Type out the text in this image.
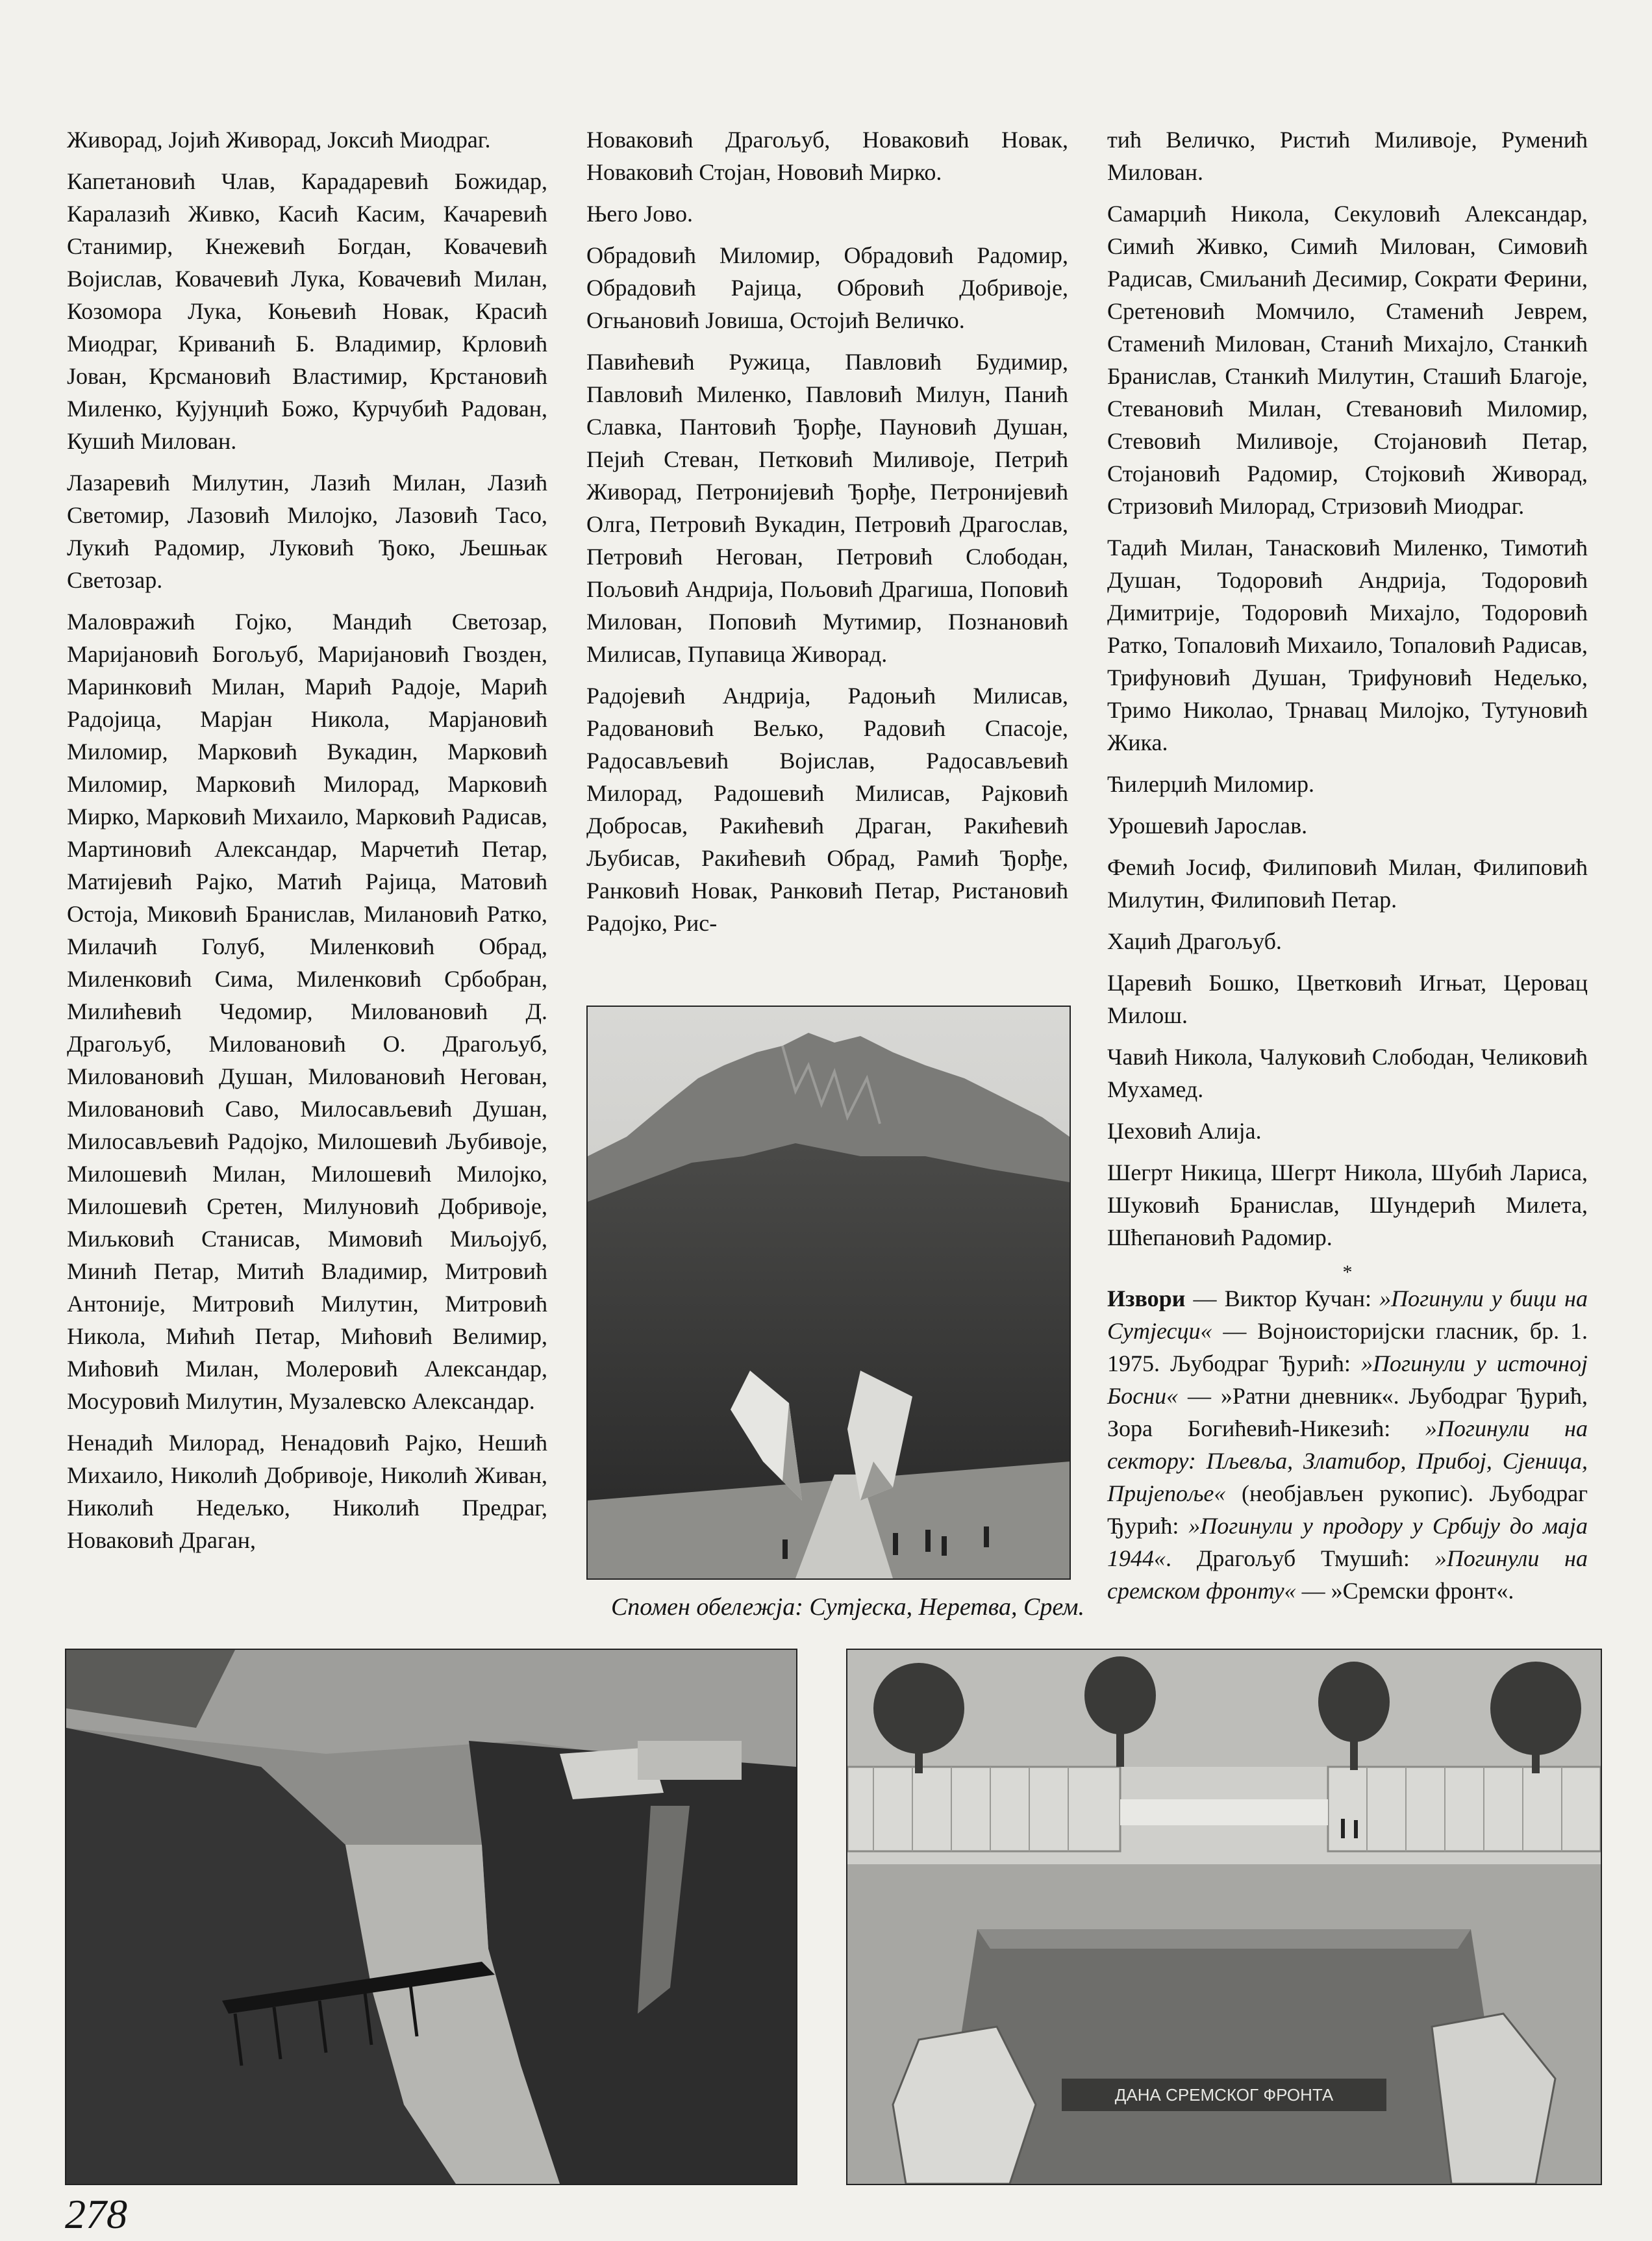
Живорад, Јојић Живорад, Јоксић Миодраг.

Капетановић Члав, Карадаревић Божидар, Каралазић Живко, Касић Касим, Качаревић Станимир, Кнежевић Богдан, Ковачевић Војислав, Ковачевић Лука, Ковачевић Милан, Козомора Лука, Коњевић Новак, Красић Миодраг, Криванић Б. Владимир, Крловић Јован, Крсмановић Властимир, Крстановић Миленко, Кујунџић Божо, Курчубић Радован, Кушић Милован.

Лазаревић Милутин, Лазић Милан, Лазић Светомир, Лазовић Милојко, Лазовић Тасо, Лукић Радомир, Луковић Ђоко, Љешњак Светозар.

Маловражић Гојко, Мандић Светозар, Маријановић Богољуб, Маријановић Гвозден, Маринковић Милан, Марић Радоје, Марић Радојица, Марјан Никола, Марјановић Миломир, Марковић Вукадин, Марковић Миломир, Марковић Милорад, Марковић Мирко, Марковић Михаило, Марковић Радисав, Мартиновић Александар, Марчетић Петар, Матијевић Рајко, Матић Рајица, Матовић Остоја, Миковић Бранислав, Милановић Ратко, Милачић Голуб, Миленковић Обрад, Миленковић Сима, Миленковић Србобран, Милићевић Чедомир, Миловановић Д. Драгољуб, Миловановић О. Драгољуб, Миловановић Душан, Миловановић Негован, Миловановић Саво, Милосављевић Душан, Милосављевић Радојко, Милошевић Љубивоје, Милошевић Милан, Милошевић Милојко, Милошевић Сретен, Милуновић Добривоје, Миљковић Станисав, Мимовић Миљојуб, Минић Петар, Митић Владимир, Митровић Антоније, Митровић Милутин, Митровић Никола, Мићић Петар, Мићовић Велимир, Мићовић Милан, Молеровић Александар, Мосуровић Милутин, Музалевско Александар.

Ненадић Милорад, Ненадовић Рајко, Нешић Михаило, Николић Добривоје, Николић Живан, Николић Недељко, Николић Предраг, Новаковић Драган,

Новаковић Драгољуб, Новаковић Новак, Новаковић Стојан, Нововић Мирко.

Њего Јово.

Обрадовић Миломир, Обрадовић Радомир, Обрадовић Рајица, Обровић Добривоје, Огњановић Јовиша, Остојић Величко.

Павићевић Ружица, Павловић Будимир, Павловић Миленко, Павловић Милун, Панић Славка, Пантовић Ђорђе, Пауновић Душан, Пејић Стеван, Петковић Миливоје, Петрић Живорад, Петронијевић Ђорђе, Петронијевић Олга, Петровић Вукадин, Петровић Драгослав, Петровић Негован, Петровић Слободан, Пољовић Андрија, Пољовић Драгиша, Поповић Милован, Поповић Мутимир, Познановић Милисав, Пупавица Живорад.

Радојевић Андрија, Радоњић Милисав, Радовановић Вељко, Радовић Спасоје, Радосављевић Војислав, Радосављевић Милорад, Радошевић Милисав, Рајковић Добросав, Ракићевић Драган, Ракићевић Љубисав, Ракићевић Обрад, Рамић Ђорђе, Ранковић Новак, Ранковић Петар, Ристановић Радојко, Рис-

тић Величко, Ристић Миливоје, Руменић Милован.

Самарџић Никола, Секуловић Александар, Симић Живко, Симић Милован, Симовић Радисав, Смиљанић Десимир, Сократи Ферини, Сретеновић Момчило, Стаменић Јеврем, Стаменић Милован, Станић Михајло, Станкић Бранислав, Станкић Милутин, Сташић Благоје, Стевановић Милан, Стевановић Миломир, Стевовић Миливоје, Стојановић Петар, Стојановић Радомир, Стојковић Живорад, Стризовић Милорад, Стризовић Миодраг.

Тадић Милан, Танасковић Миленко, Тимотић Душан, Тодоровић Андрија, Тодоровић Димитрије, Тодоровић Михајло, Тодоровић Ратко, Топаловић Михаило, Топаловић Радисав, Трифуновић Душан, Трифуновић Недељко, Тримо Николао, Трнавац Милојко, Тутуновић Жика.

Ћилерџић Миломир.

Урошевић Јарослав.

Фемић Јосиф, Филиповић Милан, Филиповић Милутин, Филиповић Петар.

Хаџић Драгољуб.

Царевић Бошко, Цветковић Игњат, Церовац Милош.

Чавић Никола, Чалуковић Слободан, Челиковић Мухамед.

Џеховић Алија.

Шегрт Никица, Шегрт Никола, Шубић Лариса, Шуковић Бранислав, Шундерић Милета, Шћепановић Радомир.

*

Извори — Виктор Кучан: »Погинули у бици на Сутјесци« — Војноисторијски гласник, бр. 1. 1975. Љубодраг Ђурић: »Погинули у источној Босни« — »Ратни дневник«. Љубодраг Ђурић, Зора Богићевић-Никезић: »Погинули на сектору: Пљевља, Златибор, Прибој, Сјеница, Пријепоље« (необјављен рукопис). Љубодраг Ђурић: »Погинули у продору у Србију до маја 1944«. Драгољуб Тмушић: »Погинули на сремском фронту« — »Сремски фронт«.

Спомен обележја: Сутјеска, Неретва, Срем.
ДАНА СРЕМСКОГ ФРОНТА
278
